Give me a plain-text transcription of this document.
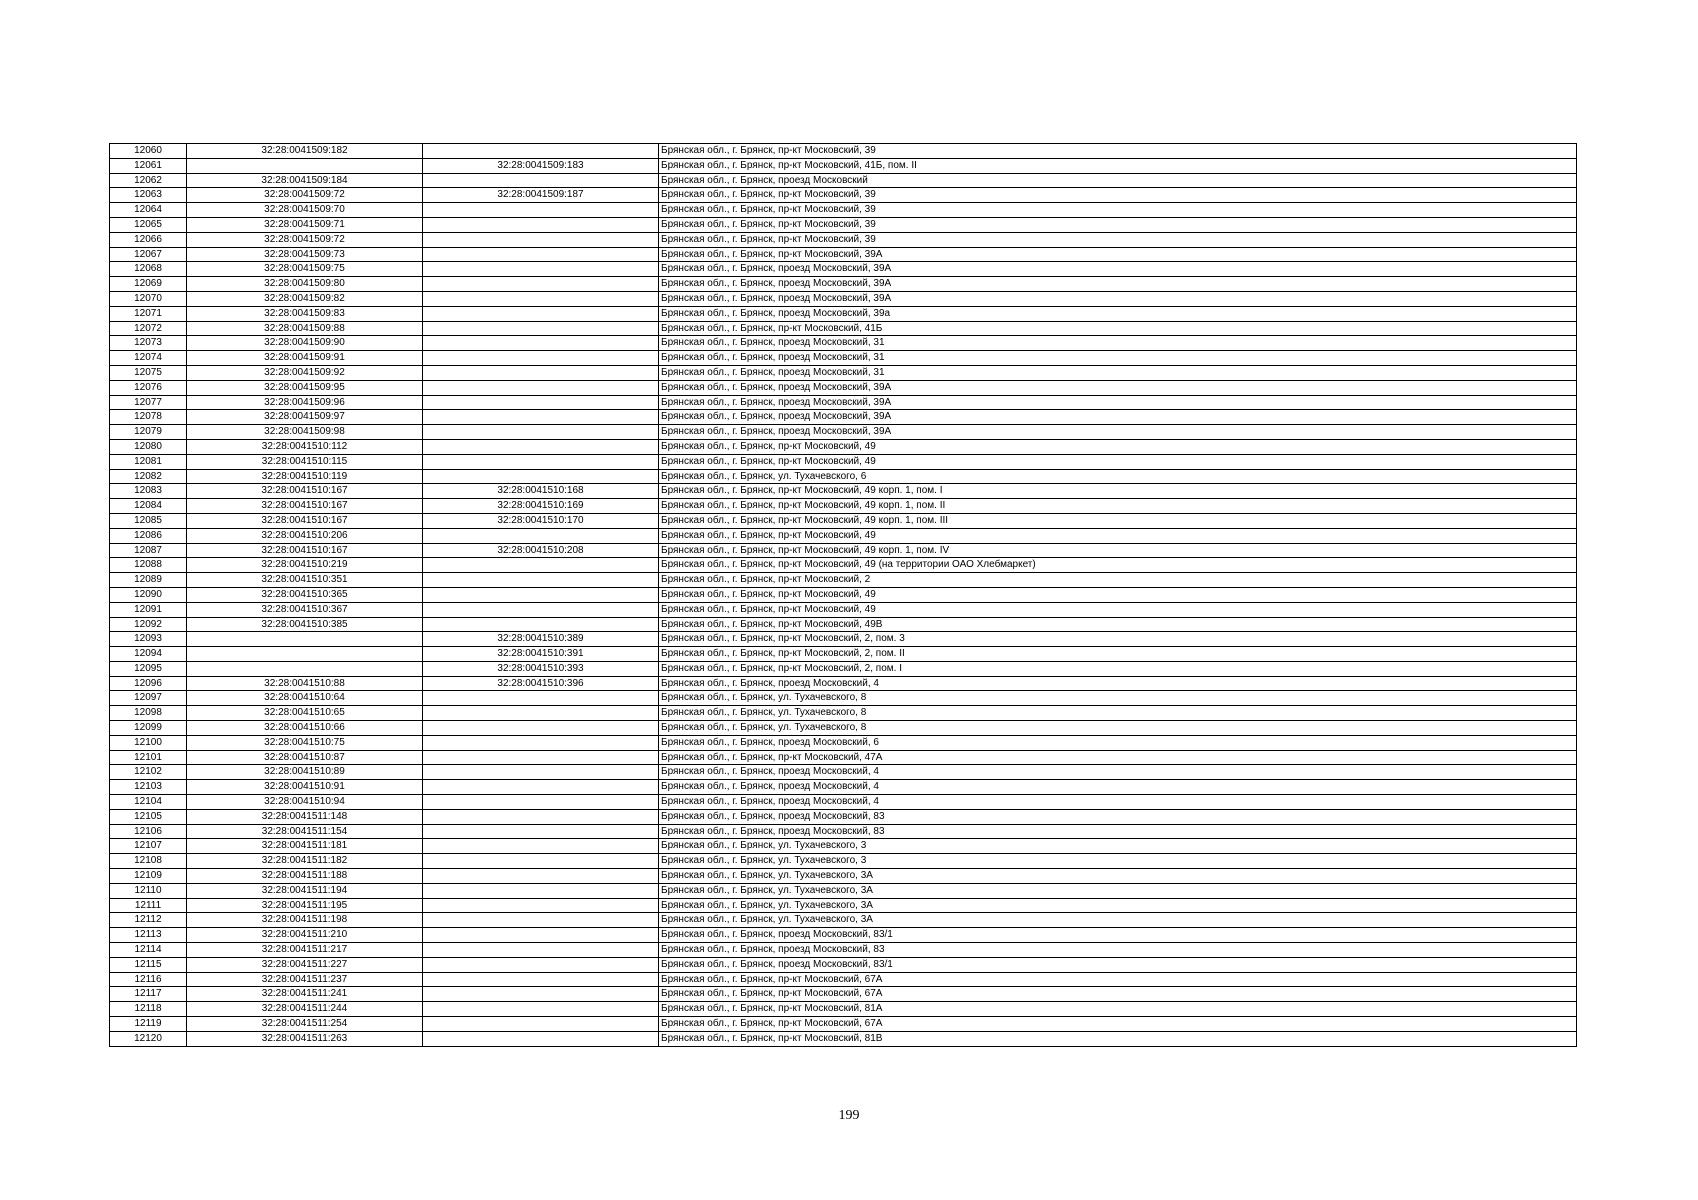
12060	32:28:0041509:182		Брянская обл., г. Брянск, пр-кт Московский, 39
12061		32:28:0041509:183	Брянская обл., г. Брянск, пр-кт Московский, 41Б, пом. II
12062	32:28:0041509:184		Брянская обл., г. Брянск, проезд Московский
12063	32:28:0041509:72	32:28:0041509:187	Брянская обл., г. Брянск, пр-кт Московский, 39
12064	32:28:0041509:70		Брянская обл., г. Брянск, пр-кт Московский, 39
12065	32:28:0041509:71		Брянская обл., г. Брянск, пр-кт Московский, 39
12066	32:28:0041509:72		Брянская обл., г. Брянск, пр-кт Московский, 39
12067	32:28:0041509:73		Брянская обл., г. Брянск, пр-кт Московский, 39А
12068	32:28:0041509:75		Брянская обл., г. Брянск, проезд Московский, 39А
12069	32:28:0041509:80		Брянская обл., г. Брянск, проезд Московский, 39А
12070	32:28:0041509:82		Брянская обл., г. Брянск, проезд Московский, 39А
12071	32:28:0041509:83		Брянская обл., г. Брянск, проезд Московский, 39а
12072	32:28:0041509:88		Брянская обл., г. Брянск, пр-кт Московский, 41Б
12073	32:28:0041509:90		Брянская обл., г. Брянск, проезд Московский, 31
12074	32:28:0041509:91		Брянская обл., г. Брянск, проезд Московский, 31
12075	32:28:0041509:92		Брянская обл., г. Брянск, проезд Московский, 31
12076	32:28:0041509:95		Брянская обл., г. Брянск, проезд Московский, 39А
12077	32:28:0041509:96		Брянская обл., г. Брянск, проезд Московский, 39А
12078	32:28:0041509:97		Брянская обл., г. Брянск, проезд Московский, 39А
12079	32:28:0041509:98		Брянская обл., г. Брянск, проезд Московский, 39А
12080	32:28:0041510:112		Брянская обл., г. Брянск, пр-кт Московский, 49
12081	32:28:0041510:115		Брянская обл., г. Брянск, пр-кт Московский, 49
12082	32:28:0041510:119		Брянская обл., г. Брянск, ул. Тухачевского, 6
12083	32:28:0041510:167	32:28:0041510:168	Брянская обл., г. Брянск, пр-кт Московский, 49 корп. 1, пом. I
12084	32:28:0041510:167	32:28:0041510:169	Брянская обл., г. Брянск, пр-кт Московский, 49 корп. 1, пом. II
12085	32:28:0041510:167	32:28:0041510:170	Брянская обл., г. Брянск, пр-кт Московский, 49 корп. 1, пом. III
12086	32:28:0041510:206		Брянская обл., г. Брянск, пр-кт Московский, 49
12087	32:28:0041510:167	32:28:0041510:208	Брянская обл., г. Брянск, пр-кт Московский, 49 корп. 1, пом. IV
12088	32:28:0041510:219		Брянская обл., г. Брянск, пр-кт Московский, 49 (на территории ОАО Хлебмаркет)
12089	32:28:0041510:351		Брянская обл., г. Брянск, пр-кт Московский, 2
12090	32:28:0041510:365		Брянская обл., г. Брянск, пр-кт Московский, 49
12091	32:28:0041510:367		Брянская обл., г. Брянск, пр-кт Московский, 49
12092	32:28:0041510:385		Брянская обл., г. Брянск, пр-кт Московский, 49В
12093		32:28:0041510:389	Брянская обл., г. Брянск, пр-кт Московский, 2, пом. 3
12094		32:28:0041510:391	Брянская обл., г. Брянск, пр-кт Московский, 2, пом. II
12095		32:28:0041510:393	Брянская обл., г. Брянск, пр-кт Московский, 2, пом. I
12096	32:28:0041510:88	32:28:0041510:396	Брянская обл., г. Брянск, проезд Московский, 4
12097	32:28:0041510:64		Брянская обл., г. Брянск, ул. Тухачевского, 8
12098	32:28:0041510:65		Брянская обл., г. Брянск, ул. Тухачевского, 8
12099	32:28:0041510:66		Брянская обл., г. Брянск, ул. Тухачевского, 8
12100	32:28:0041510:75		Брянская обл., г. Брянск, проезд Московский, 6
12101	32:28:0041510:87		Брянская обл., г. Брянск, пр-кт Московский, 47А
12102	32:28:0041510:89		Брянская обл., г. Брянск, проезд Московский, 4
12103	32:28:0041510:91		Брянская обл., г. Брянск, проезд Московский, 4
12104	32:28:0041510:94		Брянская обл., г. Брянск, проезд Московский, 4
12105	32:28:0041511:148		Брянская обл., г. Брянск, проезд Московский, 83
12106	32:28:0041511:154		Брянская обл., г. Брянск, проезд Московский, 83
12107	32:28:0041511:181		Брянская обл., г. Брянск, ул. Тухачевского, 3
12108	32:28:0041511:182		Брянская обл., г. Брянск, ул. Тухачевского, 3
12109	32:28:0041511:188		Брянская обл., г. Брянск, ул. Тухачевского, 3А
12110	32:28:0041511:194		Брянская обл., г. Брянск, ул. Тухачевского, 3А
12111	32:28:0041511:195		Брянская обл., г. Брянск, ул. Тухачевского, 3А
12112	32:28:0041511:198		Брянская обл., г. Брянск, ул. Тухачевского, 3А
12113	32:28:0041511:210		Брянская обл., г. Брянск, проезд Московский, 83/1
12114	32:28:0041511:217		Брянская обл., г. Брянск, проезд Московский, 83
12115	32:28:0041511:227		Брянская обл., г. Брянск, проезд Московский, 83/1
12116	32:28:0041511:237		Брянская обл., г. Брянск, пр-кт Московский, 67А
12117	32:28:0041511:241		Брянская обл., г. Брянск, пр-кт Московский, 67А
12118	32:28:0041511:244		Брянская обл., г. Брянск, пр-кт Московский, 81А
12119	32:28:0041511:254		Брянская обл., г. Брянск, пр-кт Московский, 67А
12120	32:28:0041511:263		Брянская обл., г. Брянск, пр-кт Московский, 81В
199
